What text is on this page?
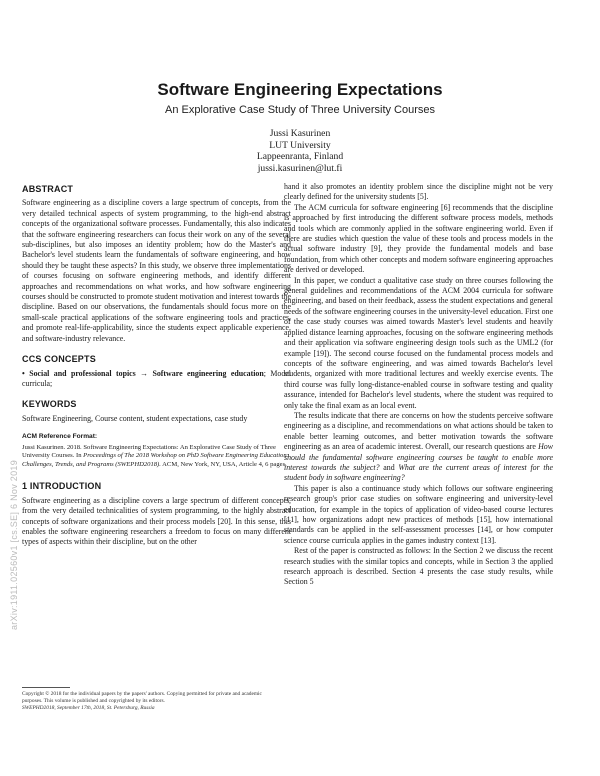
arXiv:1911.02560v1 [cs.SE] 6 Nov 2019
Software Engineering Expectations
An Explorative Case Study of Three University Courses
Jussi Kasurinen
LUT University
Lappeenranta, Finland
jussi.kasurinen@lut.fi
ABSTRACT

Software engineering as a discipline covers a large spectrum of concepts, from the very detailed technical aspects of system programming, to the high-end abstract concepts of the organizational software processes. Fundamentally, this also indicates that the software engineering researchers can focus their work on any of the several sub-disciplines, but also imposes an identity problem; how do the Master's and Bachelor's level students learn the fundamentals of software engineering, and how should they be taught these aspects? In this study, we observe three implementations of courses focusing on software engineering methods, and identify different approaches and recommendations on what works, and how software engineering courses should be constructed to promote student motivation and interest towards the discipline. Based on our observations, the fundamentals should focus more on the small-scale practical applications of the software engineering tools and practices, and promote real-life-applicability, since the students expect applicable experience, and software-industry relevance.

CCS CONCEPTS

• Social and professional topics → Software engineering education; Model curricula;

KEYWORDS

Software Engineering, Course content, student expectations, case study

ACM Reference Format:
Jussi Kasurinen. 2018. Software Engineering Expectations: An Explorative Case Study of Three University Courses. In Proceedings of The 2018 Workshop on PhD Software Engineering Education: Challenges, Trends, and Programs (SWEPHD2018). ACM, New York, NY, USA, Article 4, 6 pages.
1 INTRODUCTION

Software engineering as a discipline covers a large spectrum of different concepts, from the very detailed technicalities of system programming, to the highly abstract concepts of software organizations and their process models [20]. In this sense, this enables the software engineering researchers a freedom to focus on many different types of aspects within their discipline, but on the other

hand it also promotes an identity problem since the discipline might not be very clearly defined for the university students [5].

The ACM curricula for software engineering [6] recommends that the discipline is approached by first introducing the different software process models, methods and tools which are commonly applied in the software engineering world. Even if there are studies which question the value of these tools and process models in the actual software industry [9], they provide the fundamental models and base foundation, from which other concepts and modern software engineering approaches are derived or developed.

In this paper, we conduct a qualitative case study on three courses following the general guidelines and recommendations of the ACM 2004 curricula for software engineering, and based on their feedback, assess the student expectations and general needs of the software engineering courses in the university-level education. First one of the case study courses was aimed towards Master's level students and heavily applied distance learning approaches, focusing on the software engineering methods and their application via software engineering design tools such as the UML2 (for example [19]). The second course focused on the fundamental process models and concepts of the software engineering, and was aimed towards Bachelor's level students, organized with more traditional lectures and weekly exercise events. The third course was fully long-distance-enabled course in software testing and quality assurance, intended for Bachelor's level students, where the student was required to only take the final exam as an local event.

The results indicate that there are concerns on how the students perceive software engineering as a discipline, and recommendations on what actions should be taken to enable better learning outcomes, and better motivation towards the software engineering as an area of academic interest. Overall, our research questions are How should the fundamental software engineering courses be taught to enable more interest towards the subject? and What are the current areas of interest for the student body in software engineering?

This paper is also a continuance study which follows our software engineering research group's prior case studies on software engineering and university-level education, for example in the topics of application of video-based course lectures [11], how organizations adopt new practices of methods [15], how international standards can be applied in the self-assessment processes [14], or how computer science course curricula applies in the games industry context [13].

Rest of the paper is constructed as follows: In the Section 2 we discuss the recent research studies with the similar topics and concepts, while in Section 3 the applied research approach is described. Section 4 presents the case study results, while Section 5

Copyright © 2018 for the individual papers by the papers' authors. Copying permitted for private and academic purposes. This volume is published and copyrighted by its editors.
SWEPHD2018, September 17th, 2018, St. Petersburg, Russia
